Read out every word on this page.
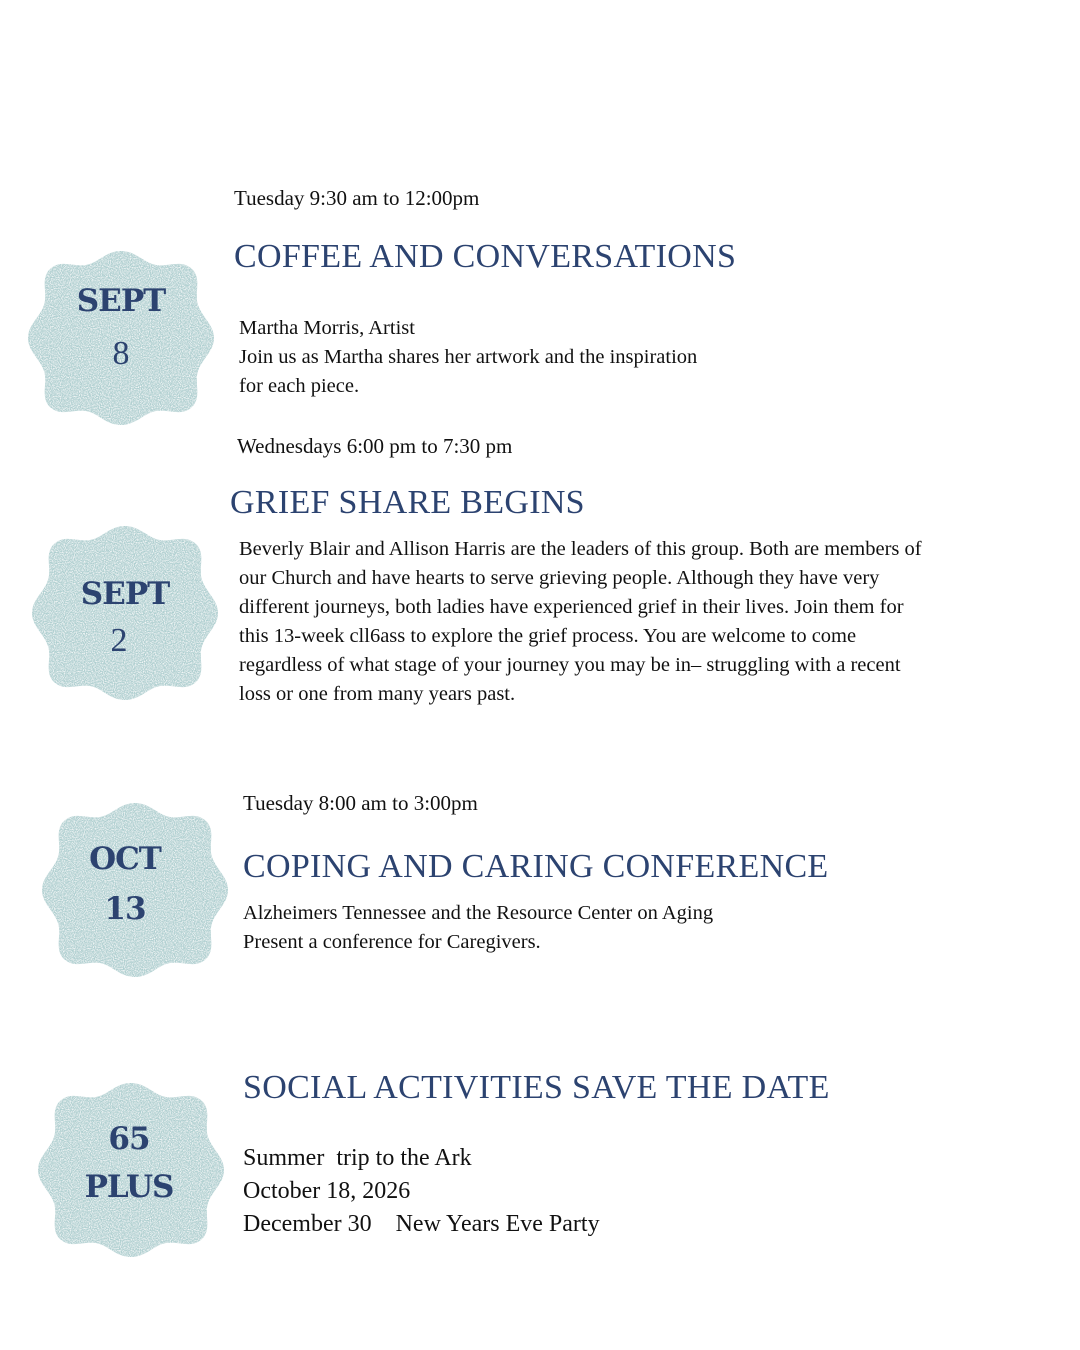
SEPT
8
Tuesday 9:30 am to 12:00pm
COFFEE AND CONVERSATIONS
Martha Morris, Artist
Join us as Martha shares her artwork and the inspiration
for each piece.
SEPT
2
Wednesdays 6:00 pm to 7:30 pm
GRIEF SHARE BEGINS
Beverly Blair and Allison Harris are the leaders of this group. Both are members of
our Church and have hearts to serve grieving people. Although they have very
different journeys, both ladies have experienced grief in their lives. Join them for
this 13-week cll6ass to explore the grief process. You are welcome to come
regardless of what stage of your journey you may be in– struggling with a recent
loss or one from many years past.
OCT
13
Tuesday 8:00 am to 3:00pm
COPING AND CARING CONFERENCE
Alzheimers Tennessee and the Resource Center on Aging
Present a conference for Caregivers.
65
PLUS
SOCIAL ACTIVITIES SAVE THE DATE
Summer  trip to the Ark
October 18, 2026
December 30    New Years Eve Party
